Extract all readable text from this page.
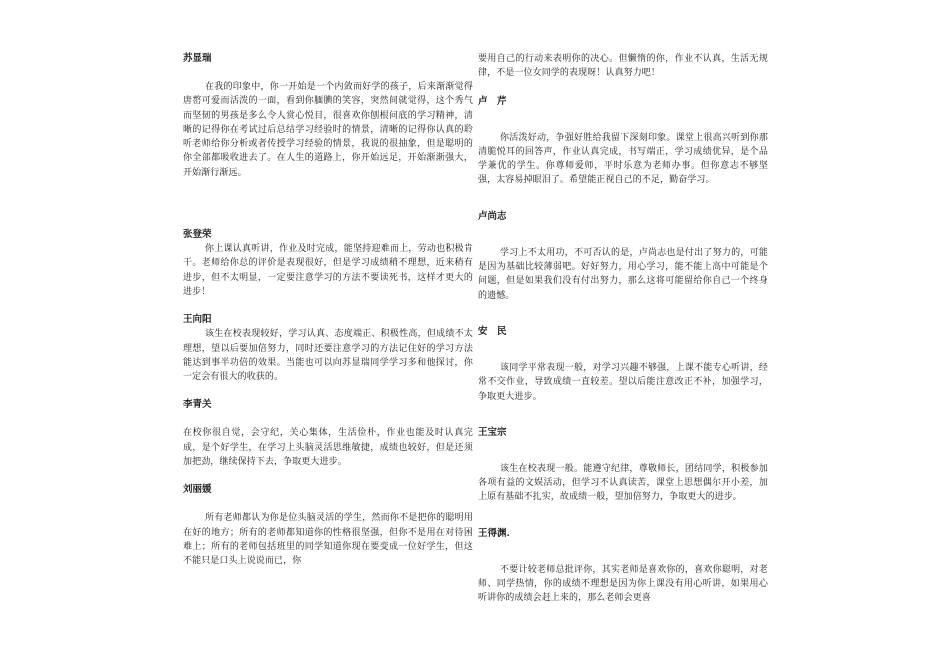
苏显瑞

在我的印象中，你一开始是一个内敛而好学的孩子，后来渐渐觉得唐嶅可爱而活泼的一面，看到你腼腆的笑容，突然间就觉得，这个秀气而坚韧的男孩是多么令人赏心悦目，很喜欢你刨根问底的学习精神，清晰的记得你在考试过后总结学习经验时的情景，清晰的记得你认真的聆听老师给你分析或者传授学习经验的情景，我说的很抽象，但是聪明的你全部都吸收进去了。在人生的道路上，你开始远足，开始渐渐强大，开始渐行渐远。

张登荣

你上课认真听讲，作业及时完成，能坚持迎难而上，劳动也积极肯干。老师给你总的评价是表现很好，但是学习成绩稍不理想，近来稍有进步，但不太明显，一定要注意学习的方法不要读死书，这样才更大的进步！

王向阳

该生在校表现较好，学习认真、态度端正、积极性高，但成绩不太理想，望以后要加倍努力，同时还要注意学习的方法记住好的学习方法能达到事半功倍的效果。当能也可以向苏显瑞同学学习多和他探讨，你一定会有很大的收获的。

李青关

在校你很自觉，会守纪，关心集体，生活俭朴，作业也能及时认真完成，是个好学生，在学习上头脑灵活思维敏捷，成绩也较好，但是还须加把劲，继续保持下去，争取更大进步。

刘丽媛

所有老师都认为你是位头脑灵活的学生，然而你不是把你的聪明用在好的地方；所有的老师都知道你的性格很坚强，但你不是用在对待困难上；所有的老师包括班里的同学知道你现在要变成一位好学生，但这不能只是口头上说说而已，你

要用自己的行动来表明你的决心。但懒惰的你，作业不认真，生活无规律，不是一位女同学的表现呀！认真努力吧！

卢　芹

你活泼好动，争强好胜给我留下深刻印象。课堂上很高兴听到你那清脆悦耳的回答声，作业认真完成，书写端正，学习成绩优异，是个品学兼优的学生。你尊师爱师，平时乐意为老师办事。但你意志不够坚强，太容易掉眼泪了。希望能正视自己的不足，勤奋学习。

卢尚志

学习上不太用功，不可否认的是，卢尚志也是付出了努力的，可能是因为基础比较薄弱吧。好好努力，用心学习，能不能上高中可能是个问题，但是如果我们没有付出努力，那么这将可能留给你自己一个终身的遗憾。

安　民

该同学平常表现一般，对学习兴趣不够强，上课不能专心听讲，经常不交作业，导致成绩一直较差。望以后能注意改正不补，加强学习，争取更大进步。

王宝宗

该生在校表现一般。能遵守纪律，尊敬师长，团结同学，积极参加各项有益的文娱活动，但学习不认真读苦，课堂上思想偶尔开小差，加上原有基础不扎实，故成绩一般，望加倍努力，争取更大的进步。

王得渊.

不要计较老师总批评你，其实老师是喜欢你的，喜欢你聪明，对老师、同学热情，你的成绩不理想是因为你上课没有用心听讲，如果用心听讲你的成绩会赶上来的，那么老师会更喜
